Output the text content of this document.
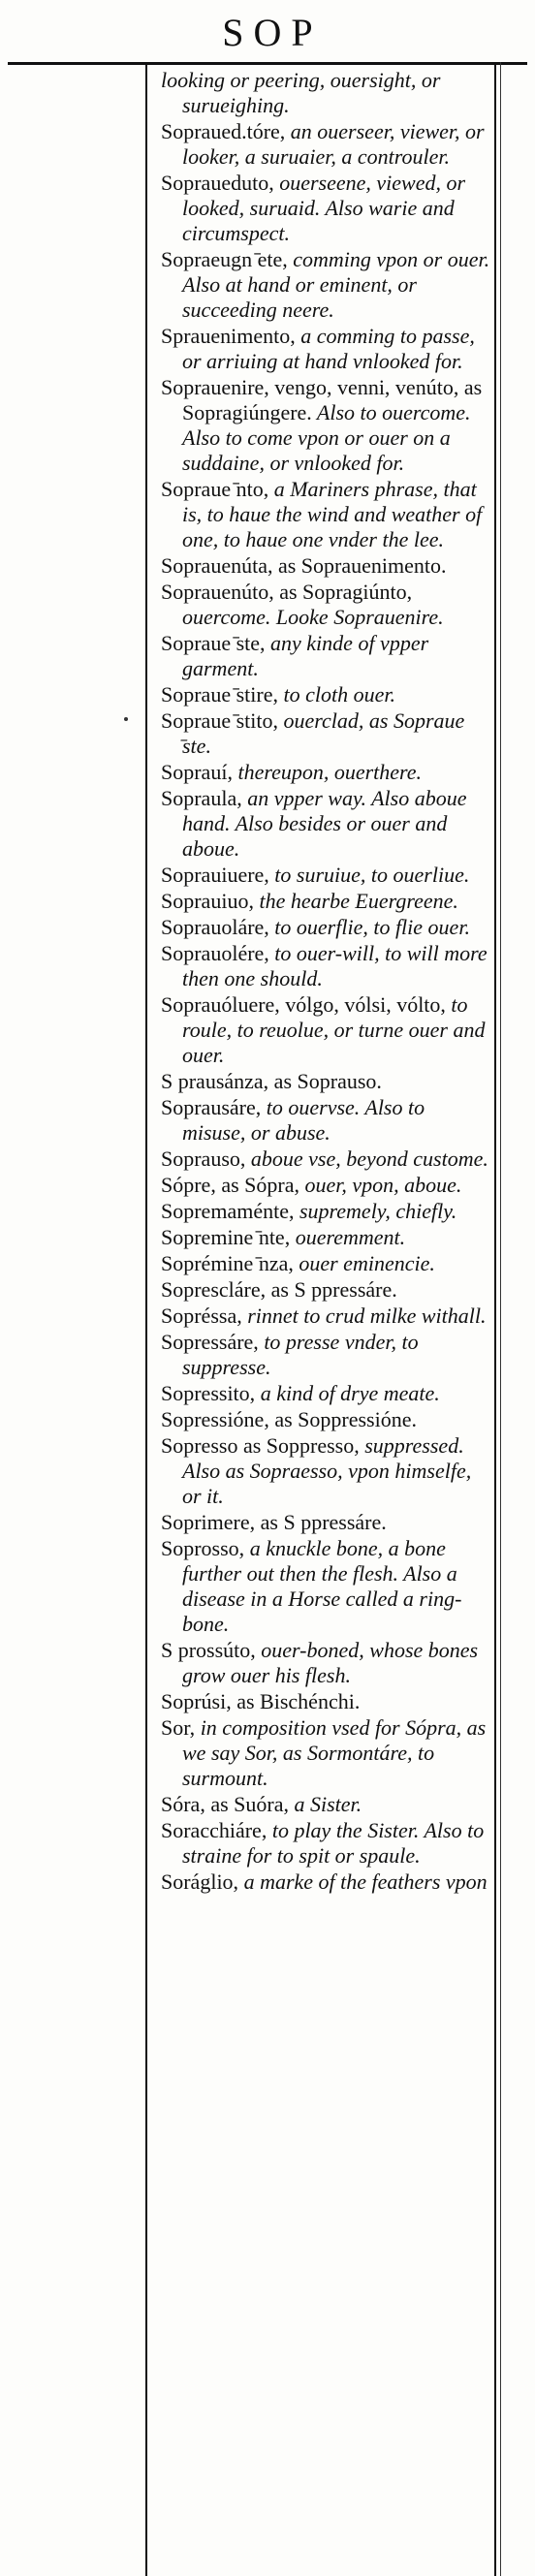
S O P
looking or peering, ouersight, or surueighing.
Sopraued.tóre, an ouerseer, viewer, or looker, a suruaier, a controuler.
Sopraueduto, ouerseene, viewed, or looked, suruaid. Also warie and circumspect.
Sopraeugn ̄ete, comming vpon or ouer. Also at hand or eminent, or succeeding neere.
Sprauenimento, a comming to passe, or arriuing at hand vnlooked for.
Soprauenire, vengo, venni, venúto, as Sopragiúngere. Also to ouercome. Also to come vpon or ouer on a suddaine, or vnlooked for.
Sopraue ̄nto, a Mariners phrase, that is, to haue the wind and weather of one, to haue one vnder the lee.
Soprauenúta, as Soprauenimento.
Soprauenúto, as Sopragiúnto, ouercome. Looke Soprauenire.
Sopraue ̄ste, any kinde of vpper garment.
Sopraue ̄stire, to cloth ouer.
Sopraue ̄stito, ouerclad, as Sopraue ̄ste.
Soprauí, thereupon, ouerthere.
Sopraula, an vpper way. Also aboue hand. Also besides or ouer and aboue.
Soprauiuere, to suruiue, to ouerliue.
Soprauiuo, the hearbe Euergreene.
Soprauoláre, to ouerflie, to flie ouer.
Soprauolére, to ouer-will, to will more then one should.
Soprauóluere, vólgo, vólsi, vólto, to roule, to reuolue, or turne ouer and ouer.
S prausánza, as Soprauso.
Soprausáre, to ouervse. Also to misuse, or abuse.
Soprauso, aboue vse, beyond custome.
Sópre, as Sópra, ouer, vpon, aboue.
Sopremaménte, supremely, chiefly.
Sopremine ̄nte, oueremment.
Soprémine ̄nza, ouer eminencie.
Soprescláre, as S ppressáre.
Sopréssa, rinnet to crud milke withall.
Sopressáre, to presse vnder, to suppresse.
Sopressito, a kind of drye meate.
Sopressióne, as Soppressióne.
Sopresso as Soppresso, suppressed. Also as Sopraesso, vpon himselfe, or it.
Soprimere, as S ppressáre.
Soprosso, a knuckle bone, a bone further out then the flesh. Also a disease in a Horse called a ring-bone.
S prossúto, ouer-boned, whose bones grow ouer his flesh.
Soprúsi, as Bischénchi.
Sor, in composition vsed for Sópra, as we say Sor, as Sormontáre, to surmount.
Sóra, as Suóra, a Sister.
Soracchiáre, to play the Sister. Also to straine for to spit or spaule.
Soráglio, a marke of the feathers vpon
